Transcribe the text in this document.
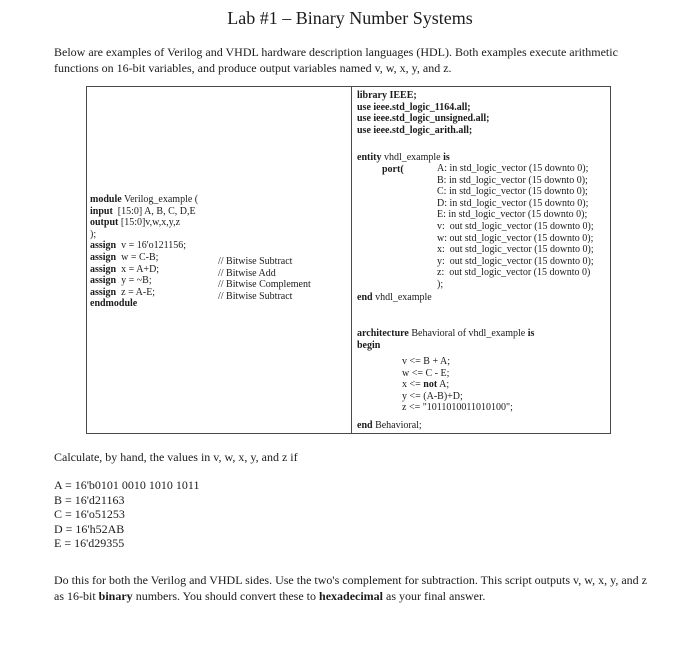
Lab #1 – Binary Number Systems
Below are examples of Verilog and VHDL hardware description languages (HDL). Both examples execute arithmetic functions on 16-bit variables, and produce output variables named v, w, x, y, and z.
module Verilog_example (
input  [15:0] A, B, C, D,E
output [15:0]v,w,x,y,z
);
assign  v = 16'o121156;
assign  w = C-B;
assign  x = A+D;
assign  y = ~B;
assign  z = A-E;
endmodule
// Bitwise Subtract
// Bitwise Add
// Bitwise Complement
// Bitwise Subtract
library IEEE;
use ieee.std_logic_1164.all;
use ieee.std_logic_unsigned.all;
use ieee.std_logic_arith.all;
entity vhdl_example is
port(	A: in std_logic_vector (15 downto 0);
B: in std_logic_vector (15 downto 0);
C: in std_logic_vector (15 downto 0);
D: in std_logic_vector (15 downto 0);
E: in std_logic_vector (15 downto 0);
v:  out std_logic_vector (15 downto 0);
w: out std_logic_vector (15 downto 0);
x:  out std_logic_vector (15 downto 0);
y:  out std_logic_vector (15 downto 0);
z:  out std_logic_vector (15 downto 0)
);
end vhdl_example
architecture Behavioral of vhdl_example is
begin
v <= B + A;
w <= C - E;
x <= not A;
y <= (A-B)+D;
z <= "1011010011010100";
end Behavioral;
Calculate, by hand, the values in v, w, x, y, and z if
A = 16'b0101 0010 1010 1011
B = 16'd21163
C = 16'o51253
D = 16'h52AB
E = 16'd29355
Do this for both the Verilog and VHDL sides. Use the two's complement for subtraction. This script outputs v, w, x, y, and z as 16-bit binary numbers. You should convert these to hexadecimal as your final answer.
